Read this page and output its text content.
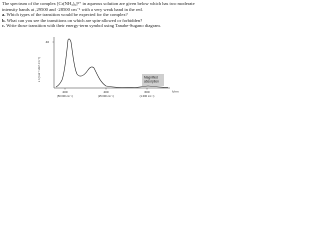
The spectrum of the complex [Cr(NH₃)₆]³⁺ in aqueous solution are given below which has two moderate intensity bands at ,29500 and ·28500 cm⁻¹ with a very weak band in the red.

a. Which types of the transition would be expected for the complex?

b. What can you see the transitions on which are spin-allowed or forbidden?

c. Write those transition with their energy-term symbol using Tanabe-Sugano diagram.

Magnified
absorption
40
ε / (mol⁻¹ dm³ cm⁻¹)
200
(50 000 cm⁻¹)
400
(25 000 cm⁻¹)
600
(1·000 cm⁻¹)
λ/nm
